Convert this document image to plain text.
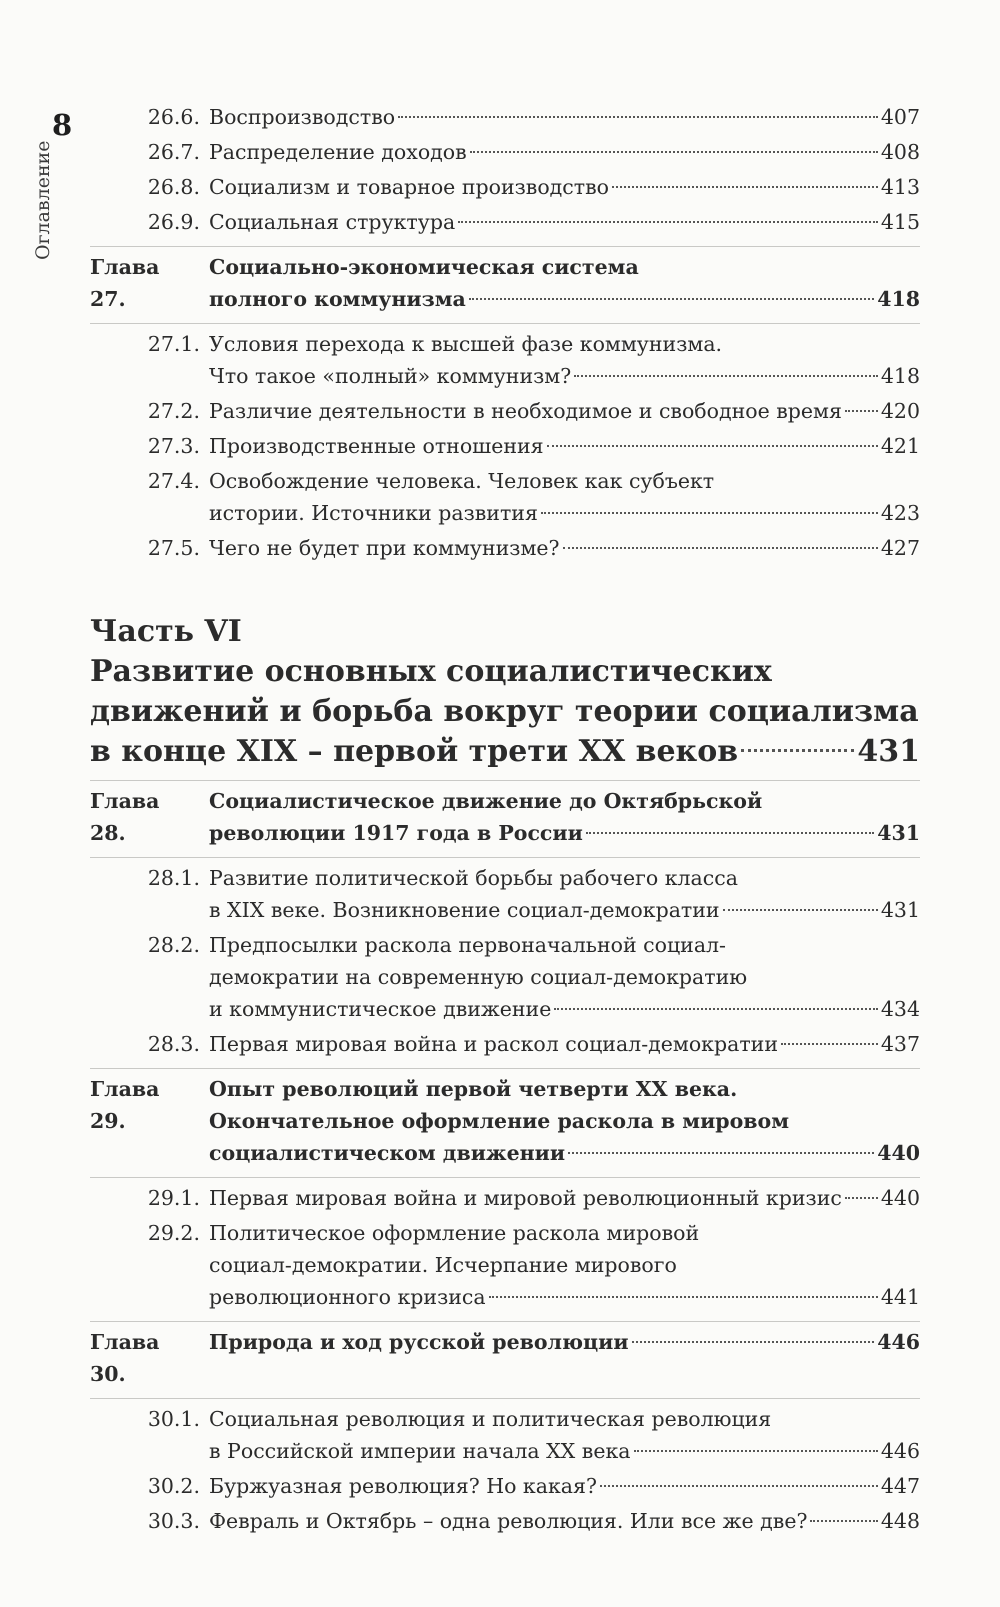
8
Оглавление
26.6. Воспроизводство	407
26.7. Распределение доходов	408
26.8. Социализм и товарное производство	413
26.9. Социальная структура	415
Глава 27.
Социально-экономическая система
полного коммунизма	418
27.1. Условия перехода к высшей фазе коммунизма.
Что такое «полный» коммунизм?	418
27.2. Различие деятельности в необходимое и свободное время 420
27.3. Производственные отношения	421
27.4. Освобождение человека. Человек как субъект
истории. Источники развития	423
27.5. Чего не будет при коммунизме?	427
Часть VI
Развитие основных социалистических
движений и борьба вокруг теории социализма
в конце XIX – первой трети XX веков	431
Глава 28.
Социалистическое движение до Октябрьской
революции 1917 года в России	431
28.1. Развитие политической борьбы рабочего класса
в XIX веке. Возникновение социал-демократии	431
28.2. Предпосылки раскола первоначальной социал-
демократии на современную социал-демократию
и коммунистическое движение	434
28.3. Первая мировая война и раскол социал-демократии	437
Глава 29.
Опыт революций первой четверти XX века.
Окончательное оформление раскола в мировом
социалистическом движении	440
29.1. Первая мировая война и мировой революционный кризис 440
29.2. Политическое оформление раскола мировой
социал-демократии. Исчерпание мирового
революционного кризиса	441
Глава 30.
Природа и ход русской революции	446
30.1. Социальная революция и политическая революция
в Российской империи начала XX века	446
30.2. Буржуазная революция? Но какая?	447
30.3. Февраль и Октябрь – одна революция. Или все же две?	448
